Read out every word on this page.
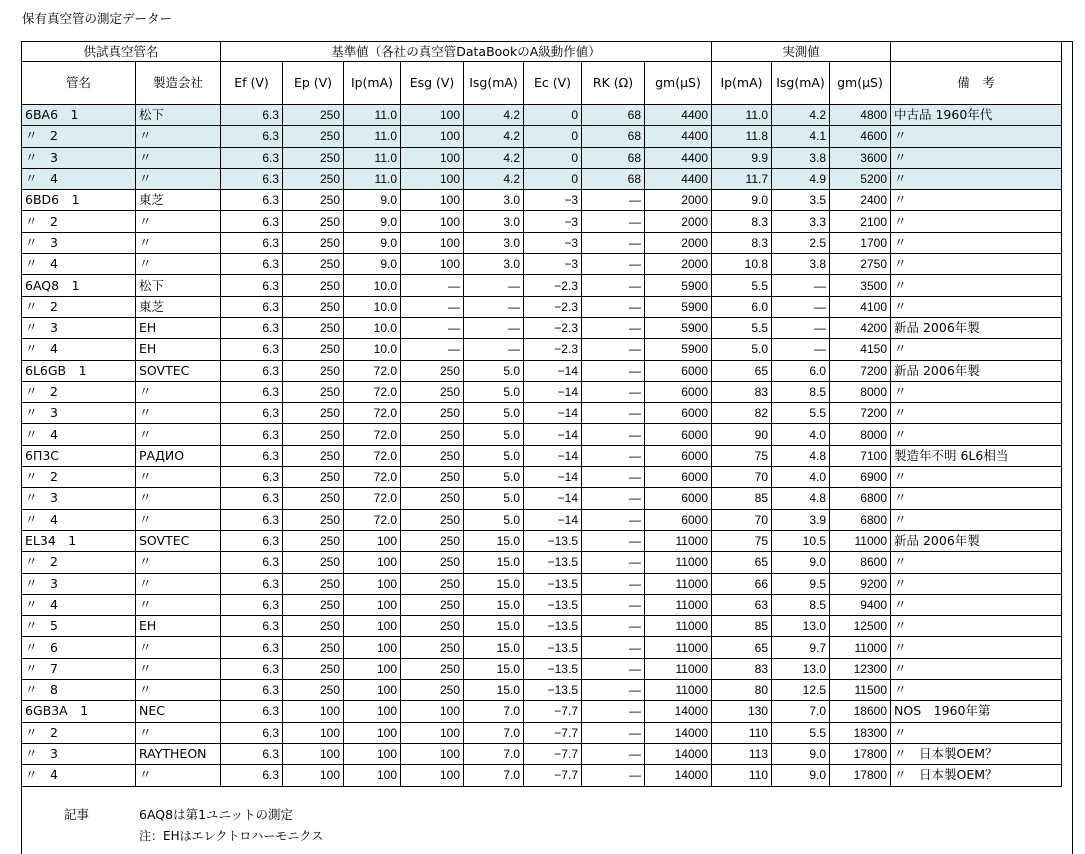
保有真空管の測定データー
供試真空管名		基準値（各社の真空管DataBookのA級動作値）								実測値			
管名	製造会社	Ef (V)	Ep (V)	Ip(mA)	Esg (V)	Isg(mA)	Ec (V)	RK (Ω)	gm(μS)	Ip(mA)	Isg(mA)	gm(μS)	備　考
6BA6　1	松下	6.3	250	11.0	100	4.2	0	68	4400	11.0	4.2	4800	中古品 1960年代
〃　2	〃	6.3	250	11.0	100	4.2	0	68	4400	11.8	4.1	4600	〃
〃　3	〃	6.3	250	11.0	100	4.2	0	68	4400	9.9	3.8	3600	〃
〃　4	〃	6.3	250	11.0	100	4.2	0	68	4400	11.7	4.9	5200	〃
6BD6　1	東芝	6.3	250	9.0	100	3.0	−3	—	2000	9.0	3.5	2400	〃
〃　2	〃	6.3	250	9.0	100	3.0	−3	—	2000	8.3	3.3	2100	〃
〃　3	〃	6.3	250	9.0	100	3.0	−3	—	2000	8.3	2.5	1700	〃
〃　4	〃	6.3	250	9.0	100	3.0	−3	—	2000	10.8	3.8	2750	〃
6AQ8　1	松下	6.3	250	10.0	—	—	−2.3	—	5900	5.5	—	3500	〃
〃　2	東芝	6.3	250	10.0	—	—	−2.3	—	5900	6.0	—	4100	〃
〃　3	EH	6.3	250	10.0	—	—	−2.3	—	5900	5.5	—	4200	新品 2006年製
〃　4	EH	6.3	250	10.0	—	—	−2.3	—	5900	5.0	—	4150	〃
6L6GB　1	SOVTEC	6.3	250	72.0	250	5.0	−14	—	6000	65	6.0	7200	新品 2006年製
〃　2	〃	6.3	250	72.0	250	5.0	−14	—	6000	83	8.5	8000	〃
〃　3	〃	6.3	250	72.0	250	5.0	−14	—	6000	82	5.5	7200	〃
〃　4	〃	6.3	250	72.0	250	5.0	−14	—	6000	90	4.0	8000	〃
6П3C	РАДИО	6.3	250	72.0	250	5.0	−14	—	6000	75	4.8	7100	製造年不明 6L6相当
〃　2	〃	6.3	250	72.0	250	5.0	−14	—	6000	70	4.0	6900	〃
〃　3	〃	6.3	250	72.0	250	5.0	−14	—	6000	85	4.8	6800	〃
〃　4	〃	6.3	250	72.0	250	5.0	−14	—	6000	70	3.9	6800	〃
EL34　1	SOVTEC	6.3	250	100	250	15.0	−13.5	—	11000	75	10.5	11000	新品 2006年製
〃　2	〃	6.3	250	100	250	15.0	−13.5	—	11000	65	9.0	8600	〃
〃　3	〃	6.3	250	100	250	15.0	−13.5	—	11000	66	9.5	9200	〃
〃　4	〃	6.3	250	100	250	15.0	−13.5	—	11000	63	8.5	9400	〃
〃　5	EH	6.3	250	100	250	15.0	−13.5	—	11000	85	13.0	12500	〃
〃　6	〃	6.3	250	100	250	15.0	−13.5	—	11000	65	9.7	11000	〃
〃　7	〃	6.3	250	100	250	15.0	−13.5	—	11000	83	13.0	12300	〃
〃　8	〃	6.3	250	100	250	15.0	−13.5	—	11000	80	12.5	11500	〃
6GB3A　1	NEC	6.3	100	100	100	7.0	−7.7	—	14000	130	7.0	18600	NOS　1960年第
〃　2	〃	6.3	100	100	100	7.0	−7.7	—	14000	110	5.5	18300	〃
〃　3	RAYTHEON	6.3	100	100	100	7.0	−7.7	—	14000	113	9.0	17800	〃　日本製OEM？
〃　4	〃	6.3	100	100	100	7.0	−7.7	—	14000	110	9.0	17800	〃　日本製OEM？
記事	6AQ8は第1ユニットの測定
注：EHはエレクトロハーモニクス
